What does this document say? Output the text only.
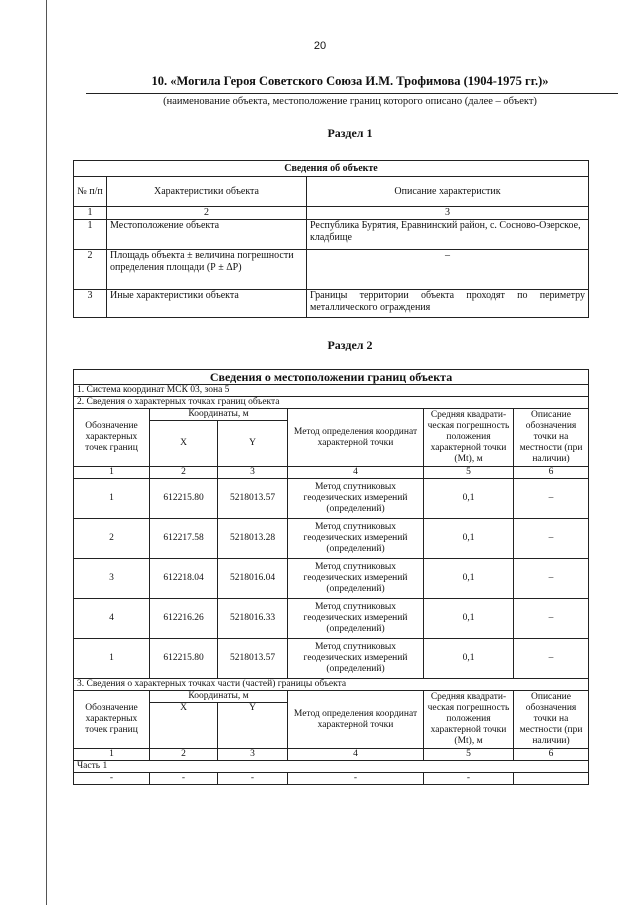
20
10. «Могила Героя Советского Союза И.М. Трофимова (1904-1975 гг.)»
(наименование объекта, местоположение границ которого описано (далее – объект)
Раздел 1
Сведения об объекте		
№ п/п	Характеристики объекта	Описание характеристик
1	2	3
1	Местоположение объекта	Республика Бурятия, Еравнинский район, с. Сосново-Озерское, кладбище
2	Площадь объекта ± величина погрешности определения площади (Р ± ΔР)	–
3	Иные характеристики объекта	Границы территории объекта проходят по периметру металлического ограждения
Раздел 2
Сведения о местоположении границ объекта					
1. Система координат МСК 03, зона 5					
2. Сведения о характерных точках границ объекта					
Обозначение характерных точек границ	Координаты, м		Метод определения координат характерной точки	Средняя квадрати-ческая погрешность положения характерной точки (Mt), м	Описание обозначения точки на местности (при наличии)
	X	Y			
1	2	3	4	5	6
1	612215.80	5218013.57	Метод спутниковых геодезических измерений (определений)	0,1	–
2	612217.58	5218013.28	Метод спутниковых геодезических измерений (определений)	0,1	–
3	612218.04	5218016.04	Метод спутниковых геодезических измерений (определений)	0,1	–
4	612216.26	5218016.33	Метод спутниковых геодезических измерений (определений)	0,1	–
1	612215.80	5218013.57	Метод спутниковых геодезических измерений (определений)	0,1	–
3. Сведения о характерных точках части (частей) границы объекта					
Обозначение характерных точек границ	Координаты, м		Метод определения координат характерной точки	Средняя квадрати-ческая погрешность положения характерной точки (Mt), м	Описание обозначения точки на местности (при наличии)
	X	Y			
1	2	3	4	5	6
Часть 1					
-	-	-	-	-	
